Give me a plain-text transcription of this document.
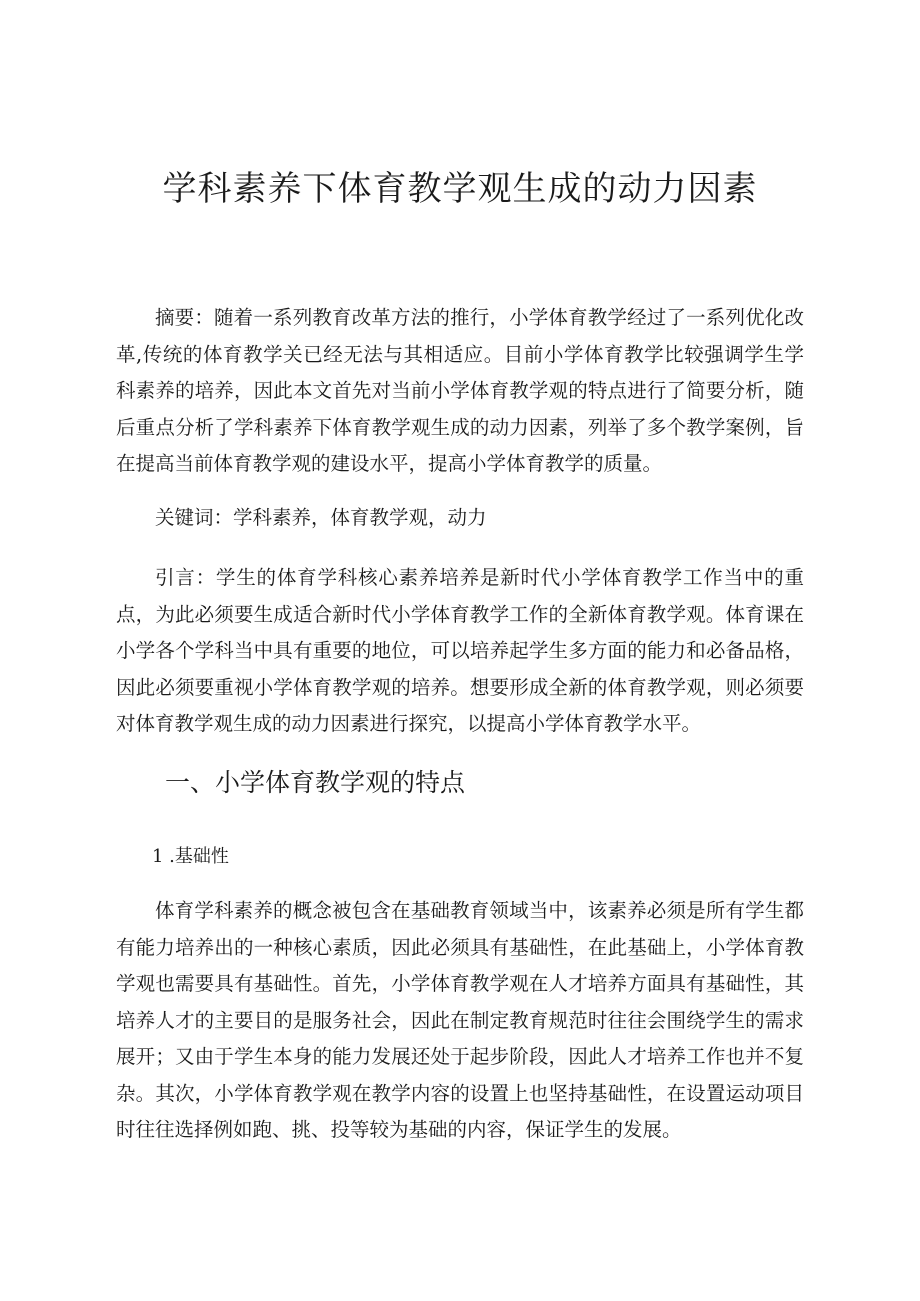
学科素养下体育教学观生成的动力因素

摘要：随着一系列教育改革方法的推行，小学体育教学经过了一系列优化改革,传统的体育教学关已经无法与其相适应。目前小学体育教学比较强调学生学科素养的培养，因此本文首先对当前小学体育教学观的特点进行了简要分析，随后重点分析了学科素养下体育教学观生成的动力因素，列举了多个教学案例，旨在提高当前体育教学观的建设水平，提高小学体育教学的质量。

关键词：学科素养，体育教学观，动力

引言：学生的体育学科核心素养培养是新时代小学体育教学工作当中的重点，为此必须要生成适合新时代小学体育教学工作的全新体育教学观。体育课在小学各个学科当中具有重要的地位，可以培养起学生多方面的能力和必备品格，因此必须要重视小学体育教学观的培养。想要形成全新的体育教学观，则必须要对体育教学观生成的动力因素进行探究，以提高小学体育教学水平。

一、小学体育教学观的特点
1 .基础性

体育学科素养的概念被包含在基础教育领域当中，该素养必须是所有学生都有能力培养出的一种核心素质，因此必须具有基础性，在此基础上，小学体育教学观也需要具有基础性。首先，小学体育教学观在人才培养方面具有基础性，其培养人才的主要目的是服务社会，因此在制定教育规范时往往会围绕学生的需求展开；又由于学生本身的能力发展还处于起步阶段，因此人才培养工作也并不复杂。其次，小学体育教学观在教学内容的设置上也坚持基础性，在设置运动项目时往往选择例如跑、挑、投等较为基础的内容，保证学生的发展。
